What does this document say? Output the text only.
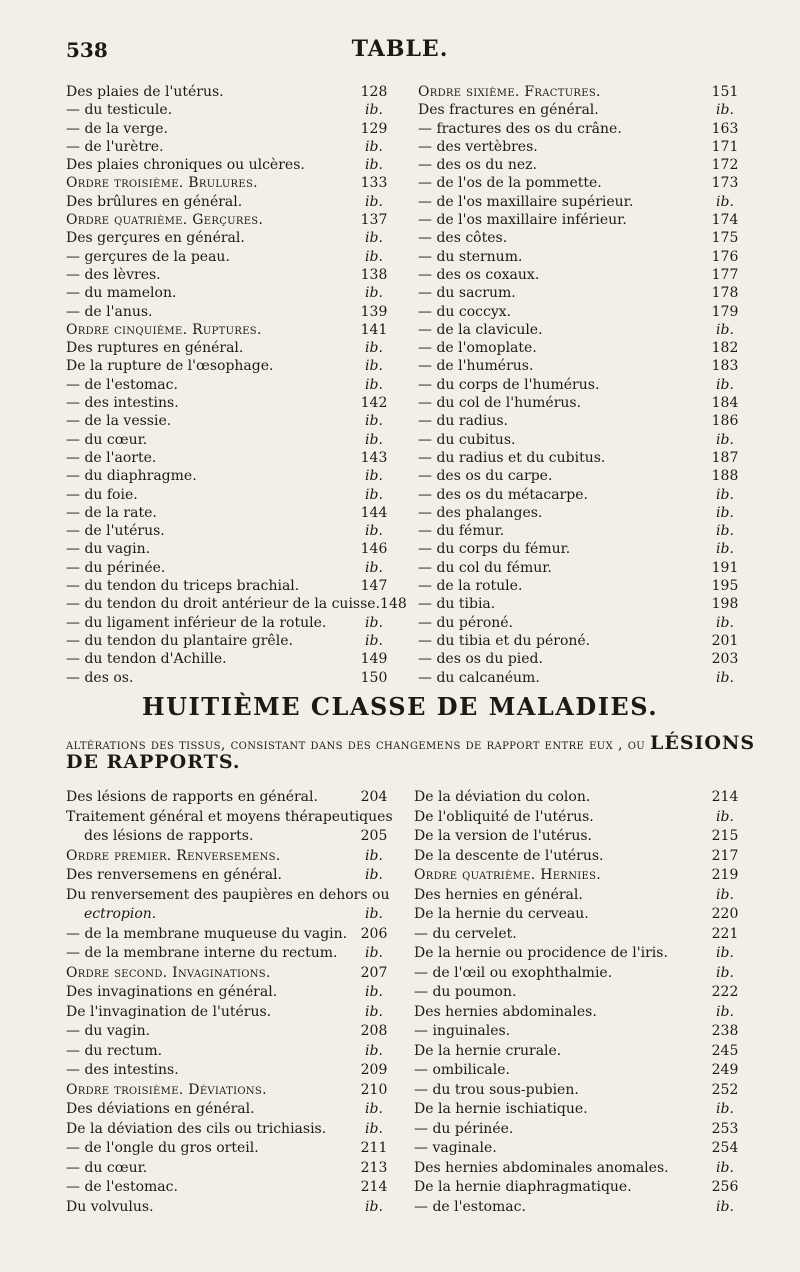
538	TABLE.
Des plaies de l'utérus.	128
— du testicule.	ib.
— de la verge.	129
— de l'urètre.	ib.
Des plaies chroniques ou ulcères.	ib.
Ordre troisième. Brulures.	133
Des brûlures en général.	ib.
Ordre quatrième. Gerçures.	137
Des gerçures en général.	ib.
— gerçures de la peau.	ib.
— des lèvres.	138
— du mamelon.	ib.
— de l'anus.	139
Ordre cinquième. Ruptures.	141
Des ruptures en général.	ib.
De la rupture de l'œsophage.	ib.
— de l'estomac.	ib.
— des intestins.	142
— de la vessie.	ib.
— du cœur.	ib.
— de l'aorte.	143
— du diaphragme.	ib.
— du foie.	ib.
— de la rate.	144
— de l'utérus.	ib.
— du vagin.	146
— du périnée.	ib.
— du tendon du triceps brachial.	147
— du tendon du droit antérieur de la cuisse. 148
— du ligament inférieur de la rotule.	ib.
— du tendon du plantaire grêle.	ib.
— du tendon d'Achille.	149
— des os.	150
Ordre sixième. Fractures.	151
Des fractures en général.	ib.
— fractures des os du crâne.	163
— des vertèbres.	171
— des os du nez.	172
— de l'os de la pommette.	173
— de l'os maxillaire supérieur.	ib.
— de l'os maxillaire inférieur.	174
— des côtes.	175
— du sternum.	176
— des os coxaux.	177
— du sacrum.	178
— du coccyx.	179
— de la clavicule.	ib.
— de l'omoplate.	182
— de l'humérus.	183
— du corps de l'humérus.	ib.
— du col de l'humérus.	184
— du radius.	186
— du cubitus.	ib.
— du radius et du cubitus.	187
— des os du carpe.	188
— des os du métacarpe.	ib.
— des phalanges.	ib.
— du fémur.	ib.
— du corps du fémur.	ib.
— du col du fémur.	191
— de la rotule.	195
— du tibia.	198
— du péroné.	ib.
— du tibia et du péroné.	201
— des os du pied.	203
— du calcanéum.	ib.
HUITIÈME CLASSE DE MALADIES.
altérations des tissus, consistant dans des changemens de rapport entre eux , ou LÉSIONS
DE RAPPORTS.
Des lésions de rapports en général.	204
Traitement général et moyens thérapeutiques
des lésions de rapports.	205
Ordre premier. Renversemens.	ib.
Des renversemens en général.	ib.
Du renversement des paupières en dehors ou
ectropion.	ib.
— de la membrane muqueuse du vagin. 206
— de la membrane interne du rectum.	ib.
Ordre second. Invaginations.	207
Des invaginations en général.	ib.
De l'invagination de l'utérus.	ib.
— du vagin.	208
— du rectum.	ib.
— des intestins.	209
Ordre troisième. Déviations.	210
Des déviations en général.	ib.
De la déviation des cils ou trichiasis.	ib.
— de l'ongle du gros orteil.	211
— du cœur.	213
— de l'estomac.	214
Du volvulus.	ib.
De la déviation du colon.	214
De l'obliquité de l'utérus.	ib.
De la version de l'utérus.	215
De la descente de l'utérus.	217
Ordre quatrième. Hernies.	219
Des hernies en général.	ib.
De la hernie du cerveau.	220
— du cervelet.	221
De la hernie ou procidence de l'iris.	ib.
— de l'œil ou exophthalmie.	ib.
— du poumon.	222
Des hernies abdominales.	ib.
— inguinales.	238
De la hernie crurale.	245
— ombilicale.	249
— du trou sous-pubien.	252
De la hernie ischiatique.	ib.
— du périnée.	253
— vaginale.	254
Des hernies abdominales anomales.	ib.
De la hernie diaphragmatique.	256
— de l'estomac.	ib.
